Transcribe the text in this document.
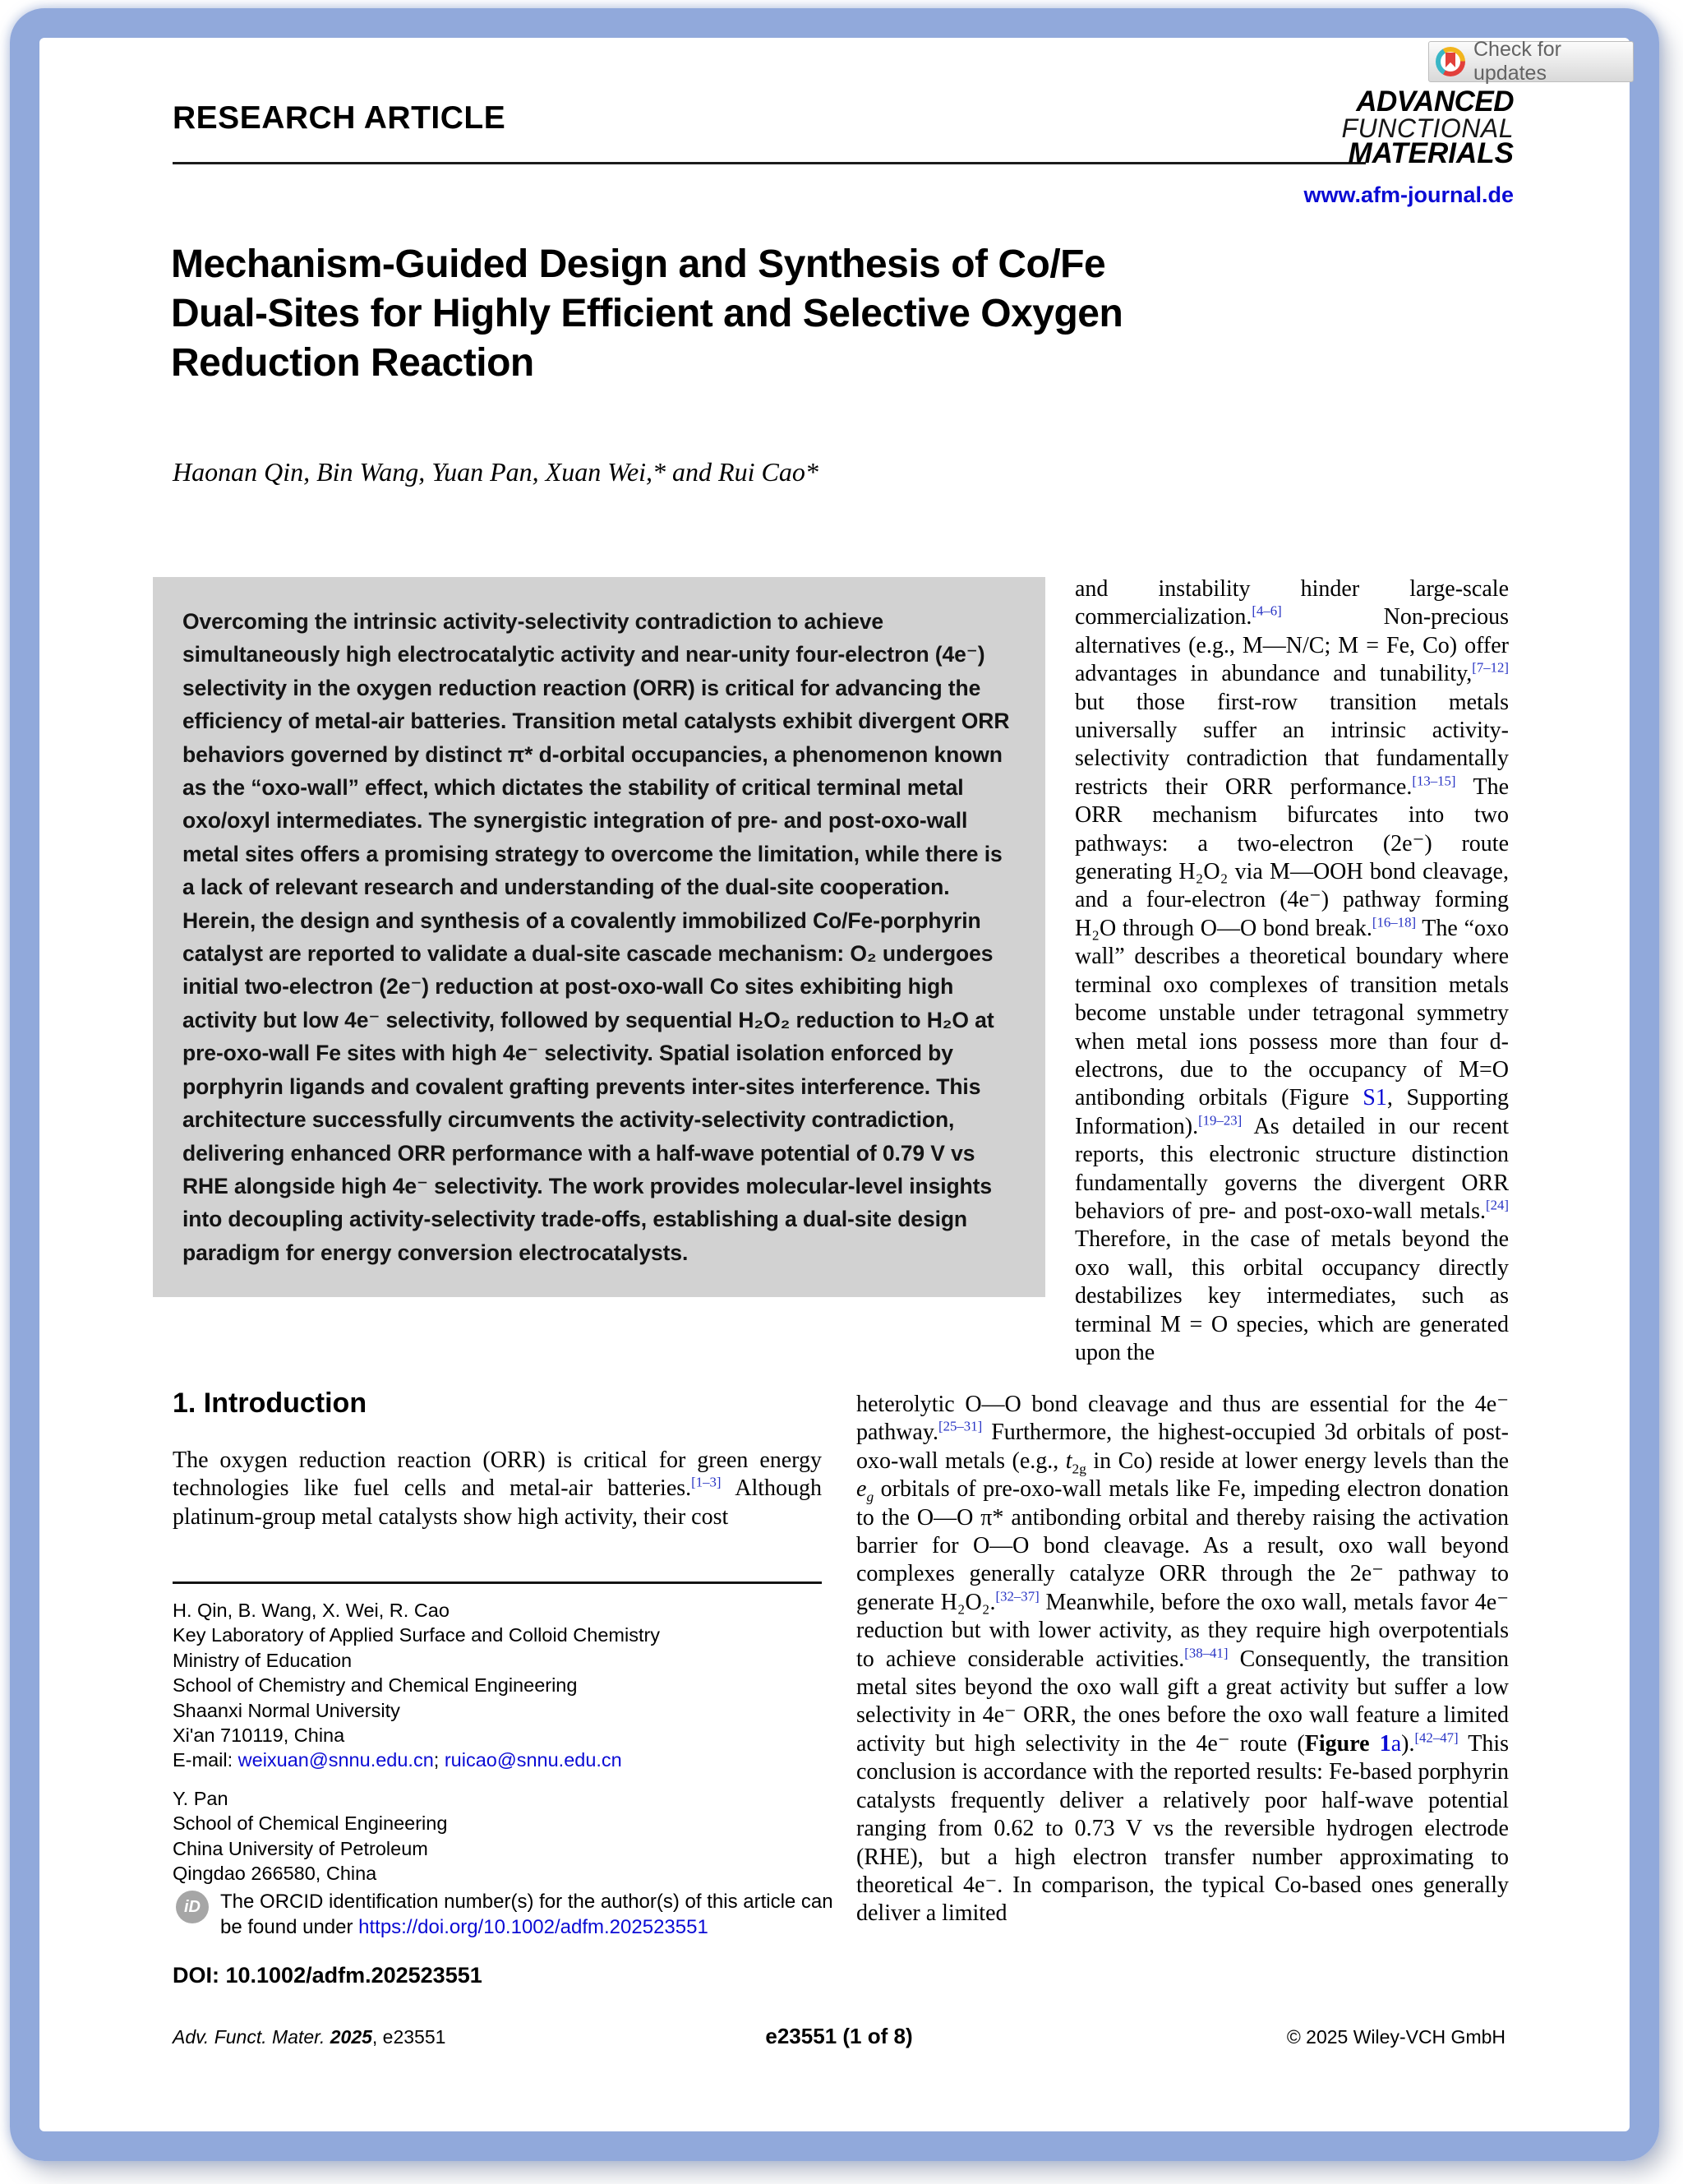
Check for updates
RESEARCH ARTICLE	ADVANCED
FUNCTIONAL
MATERIALS
www.afm-journal.de
Mechanism-Guided Design and Synthesis of Co/Fe
Dual-Sites for Highly Efficient and Selective Oxygen
Reduction Reaction
Haonan Qin, Bin Wang, Yuan Pan, Xuan Wei,* and Rui Cao*
Overcoming the intrinsic activity-selectivity contradiction to achieve simultaneously high electrocatalytic activity and near-unity four-electron (4e⁻) selectivity in the oxygen reduction reaction (ORR) is critical for advancing the efficiency of metal-air batteries. Transition metal catalysts exhibit divergent ORR behaviors governed by distinct π* d-orbital occupancies, a phenomenon known as the “oxo-wall” effect, which dictates the stability of critical terminal metal oxo/oxyl intermediates. The synergistic integration of pre- and post-oxo-wall metal sites offers a promising strategy to overcome the limitation, while there is a lack of relevant research and understanding of the dual-site cooperation. Herein, the design and synthesis of a covalently immobilized Co/Fe-porphyrin catalyst are reported to validate a dual-site cascade mechanism: O₂ undergoes initial two-electron (2e⁻) reduction at post-oxo-wall Co sites exhibiting high activity but low 4e⁻ selectivity, followed by sequential H₂O₂ reduction to H₂O at pre-oxo-wall Fe sites with high 4e⁻ selectivity. Spatial isolation enforced by porphyrin ligands and covalent grafting prevents inter-sites interference. This architecture successfully circumvents the activity-selectivity contradiction, delivering enhanced ORR performance with a half-wave potential of 0.79 V vs RHE alongside high 4e⁻ selectivity. The work provides molecular-level insights into decoupling activity-selectivity trade-offs, establishing a dual-site design paradigm for energy conversion electrocatalysts.
and instability hinder large-scale commercialization.[4–6] Non-precious alternatives (e.g., M—N/C; M = Fe, Co) offer advantages in abundance and tunability,[7–12] but those first-row transition metals universally suffer an intrinsic activity-selectivity contradiction that fundamentally restricts their ORR performance.[13–15] The ORR mechanism bifurcates into two pathways: a two-electron (2e⁻) route generating H₂O₂ via M—OOH bond cleavage, and a four-electron (4e⁻) pathway forming H₂O through O—O bond break.[16–18] The “oxo wall” describes a theoretical boundary where terminal oxo complexes of transition metals become unstable under tetragonal symmetry when metal ions possess more than four d-electrons, due to the occupancy of M=O antibonding orbitals (Figure S1, Supporting Information).[19–23] As detailed in our recent reports, this electronic structure distinction fundamentally governs the divergent ORR behaviors of pre- and post-oxo-wall metals.[24] Therefore, in the case of metals beyond the oxo wall, this orbital occupancy directly destabilizes key intermediates, such as terminal M = O species, which are generated upon the
1. Introduction
The oxygen reduction reaction (ORR) is critical for green energy technologies like fuel cells and metal-air batteries.[1–3] Although platinum-group metal catalysts show high activity, their cost
heterolytic O—O bond cleavage and thus are essential for the 4e⁻ pathway.[25–31] Furthermore, the highest-occupied 3d orbitals of post-oxo-wall metals (e.g., $t_{2g}$ in Co) reside at lower energy levels than the $e_g$ orbitals of pre-oxo-wall metals like Fe, impeding electron donation to the O—O π* antibonding orbital and thereby raising the activation barrier for O—O bond cleavage. As a result, oxo wall beyond complexes generally catalyze ORR through the 2e⁻ pathway to generate H₂O₂.[32–37] Meanwhile, before the oxo wall, metals favor 4e⁻ reduction but with lower activity, as they require high overpotentials to achieve considerable activities.[38–41] Consequently, the transition metal sites beyond the oxo wall gift a great activity but suffer a low selectivity in 4e⁻ ORR, the ones before the oxo wall feature a limited activity but high selectivity in the 4e⁻ route (Figure 1a).[42–47] This conclusion is accordance with the reported results: Fe-based porphyrin catalysts frequently deliver a relatively poor half-wave potential ranging from 0.62 to 0.73 V vs the reversible hydrogen electrode (RHE), but a high electron transfer number approximating to theoretical 4e⁻. In comparison, the typical Co-based ones generally deliver a limited
H. Qin, B. Wang, X. Wei, R. Cao
Key Laboratory of Applied Surface and Colloid Chemistry
Ministry of Education
School of Chemistry and Chemical Engineering
Shaanxi Normal University
Xi'an 710119, China
E-mail: weixuan@snnu.edu.cn; ruicao@snnu.edu.cn
Y. Pan
School of Chemical Engineering
China University of Petroleum
Qingdao 266580, China
iD	The ORCID identification number(s) for the author(s) of this article can be found under https://doi.org/10.1002/adfm.202523551
DOI: 10.1002/adfm.202523551
Adv. Funct. Mater. 2025, e23551	e23551 (1 of 8)	© 2025 Wiley-VCH GmbH
